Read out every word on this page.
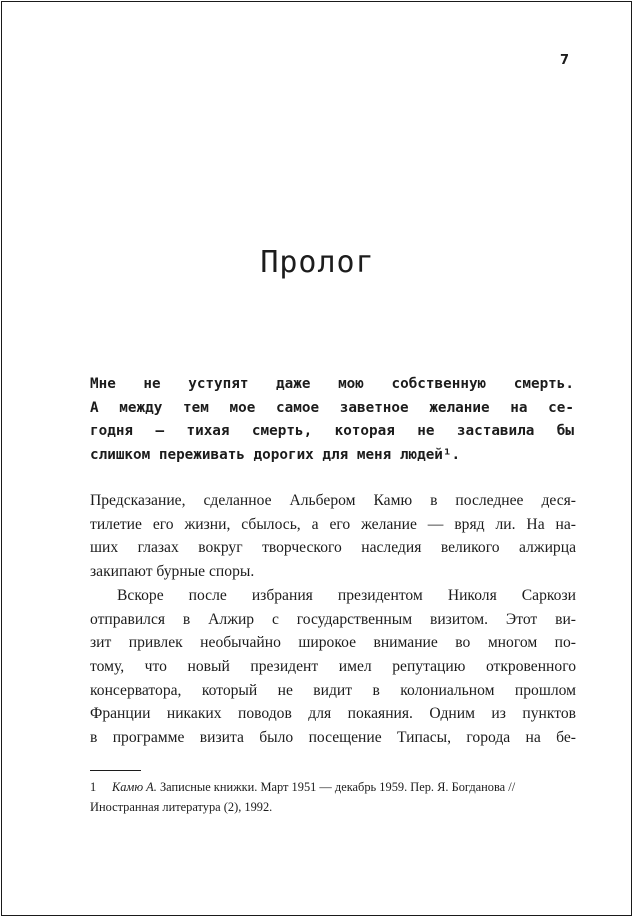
7
Пролог
Мне не уступят даже мою собственную смерть.
А между тем мое самое заветное желание на се-
годня — тихая смерть, которая не заставила бы
слишком переживать дорогих для меня людей¹.
Предсказание, сделанное Альбером Камю в последнее деся-
тилетие его жизни, сбылось, а его желание — вряд ли. На на-
ших глазах вокруг творческого наследия великого алжирца
закипают бурные споры.
Вскоре после избрания президентом Николя Саркози
отправился в Алжир с государственным визитом. Этот ви-
зит привлек необычайно широкое внимание во многом по-
тому, что новый президент имел репутацию откровенного
консерватора, который не видит в колониальном прошлом
Франции никаких поводов для покаяния. Одним из пунктов
в программе визита было посещение Типасы, города на бе-
1 Камю А. Записные книжки. Март 1951 — декабрь 1959. Пер. Я. Богданова //
Иностранная литература (2), 1992.
